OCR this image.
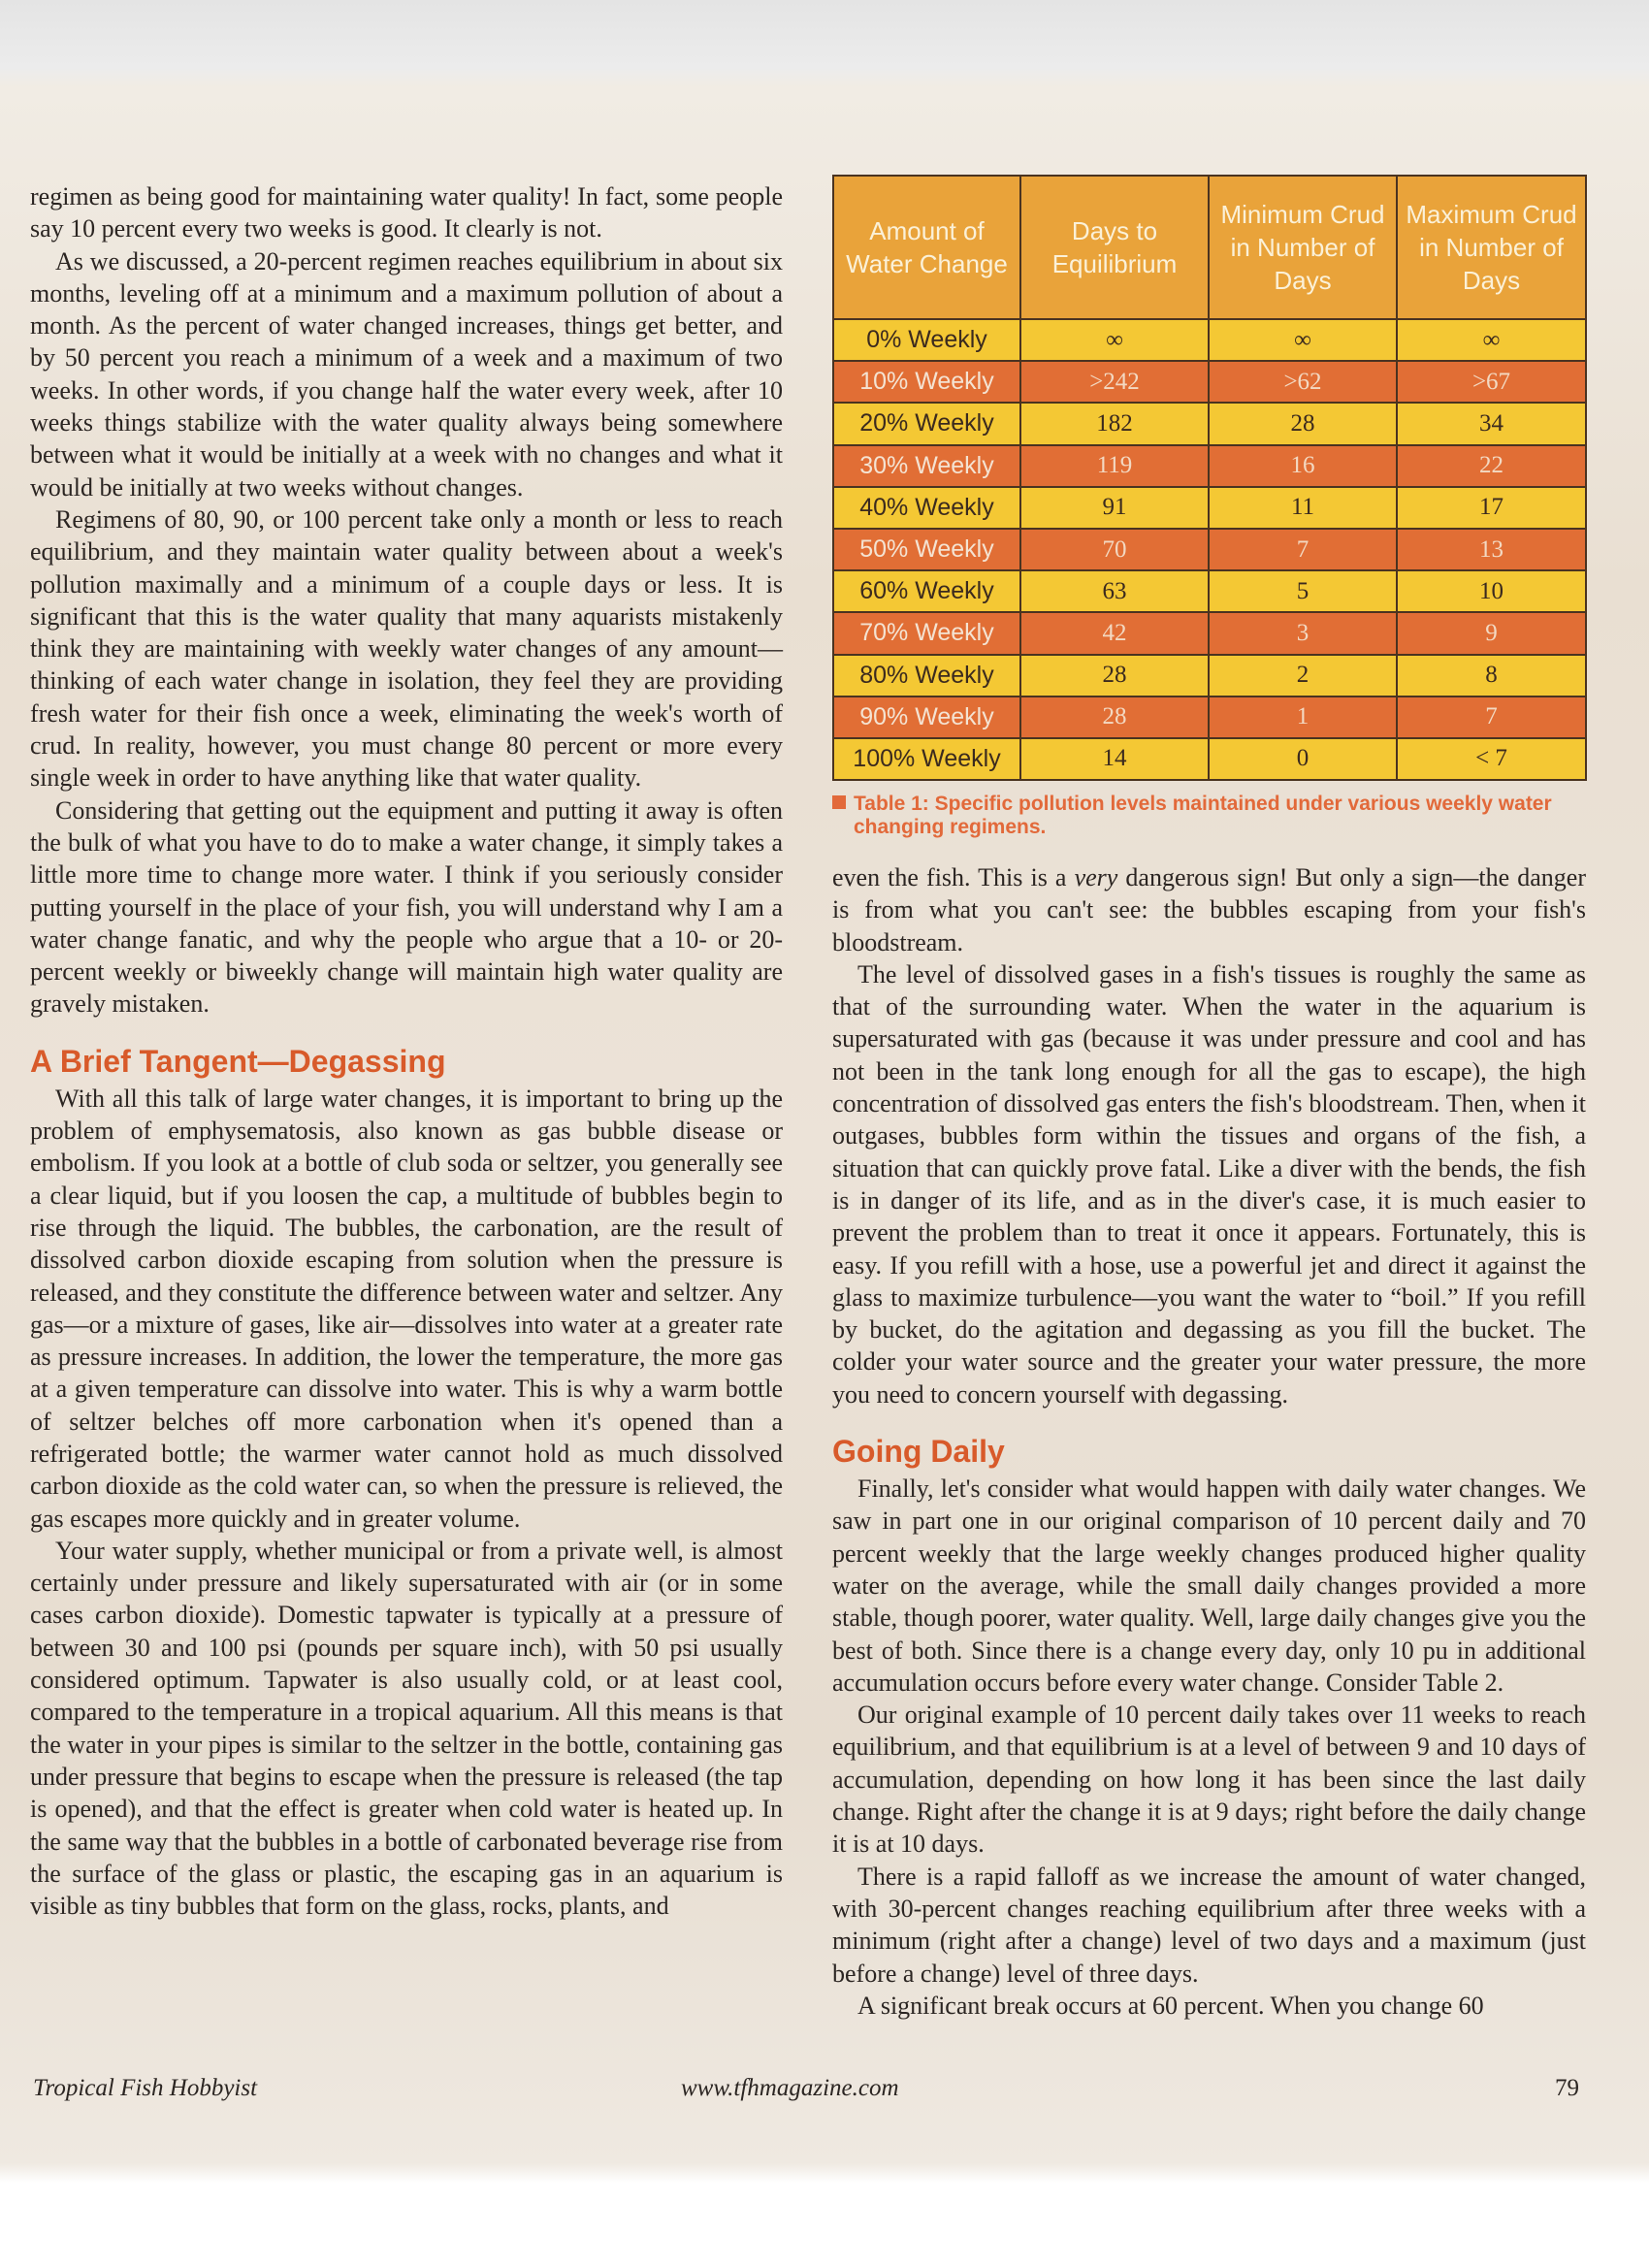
regimen as being good for maintaining water quality! In fact, some people say 10 percent every two weeks is good. It clearly is not.

As we discussed, a 20-percent regimen reaches equilibrium in about six months, leveling off at a minimum and a maximum pollution of about a month. As the percent of water changed increases, things get better, and by 50 percent you reach a minimum of a week and a maximum of two weeks. In other words, if you change half the water every week, after 10 weeks things stabilize with the water quality always being somewhere between what it would be initially at a week with no changes and what it would be initially at two weeks without changes.

Regimens of 80, 90, or 100 percent take only a month or less to reach equilibrium, and they maintain water quality between about a week's pollution maximally and a minimum of a couple days or less. It is significant that this is the water quality that many aquarists mistakenly think they are maintaining with weekly water changes of any amount—thinking of each water change in isolation, they feel they are providing fresh water for their fish once a week, eliminating the week's worth of crud. In reality, however, you must change 80 percent or more every single week in order to have anything like that water quality.

Considering that getting out the equipment and putting it away is often the bulk of what you have to do to make a water change, it simply takes a little more time to change more water. I think if you seriously consider putting yourself in the place of your fish, you will understand why I am a water change fanatic, and why the people who argue that a 10- or 20-percent weekly or biweekly change will maintain high water quality are gravely mistaken.

A Brief Tangent—Degassing

With all this talk of large water changes, it is important to bring up the problem of emphysematosis, also known as gas bubble disease or embolism. If you look at a bottle of club soda or seltzer, you generally see a clear liquid, but if you loosen the cap, a multitude of bubbles begin to rise through the liquid. The bubbles, the carbonation, are the result of dissolved carbon dioxide escaping from solution when the pressure is released, and they constitute the difference between water and seltzer. Any gas—or a mixture of gases, like air—dissolves into water at a greater rate as pressure increases. In addition, the lower the temperature, the more gas at a given temperature can dissolve into water. This is why a warm bottle of seltzer belches off more carbonation when it's opened than a refrigerated bottle; the warmer water cannot hold as much dissolved carbon dioxide as the cold water can, so when the pressure is relieved, the gas escapes more quickly and in greater volume.

Your water supply, whether municipal or from a private well, is almost certainly under pressure and likely supersaturated with air (or in some cases carbon dioxide). Domestic tapwater is typically at a pressure of between 30 and 100 psi (pounds per square inch), with 50 psi usually considered optimum. Tapwater is also usually cold, or at least cool, compared to the temperature in a tropical aquarium. All this means is that the water in your pipes is similar to the seltzer in the bottle, containing gas under pressure that begins to escape when the pressure is released (the tap is opened), and that the effect is greater when cold water is heated up. In the same way that the bubbles in a bottle of carbonated beverage rise from the surface of the glass or plastic, the escaping gas in an aquarium is visible as tiny bubbles that form on the glass, rocks, plants, and

Amount of Water Change	Days to Equilibrium	Minimum Crud in Number of Days	Maximum Crud in Number of Days
0% Weekly	∞	∞	∞
10% Weekly	>242	>62	>67
20% Weekly	182	28	34
30% Weekly	119	16	22
40% Weekly	91	11	17
50% Weekly	70	7	13
60% Weekly	63	5	10
70% Weekly	42	3	9
80% Weekly	28	2	8
90% Weekly	28	1	7
100% Weekly	14	0	< 7
Table 1: Specific pollution levels maintained under various weekly water
changing regimens.

even the fish. This is a very dangerous sign! But only a sign—the danger is from what you can't see: the bubbles escaping from your fish's bloodstream.

The level of dissolved gases in a fish's tissues is roughly the same as that of the surrounding water. When the water in the aquarium is supersaturated with gas (because it was under pressure and cool and has not been in the tank long enough for all the gas to escape), the high concentration of dissolved gas enters the fish's bloodstream. Then, when it outgases, bubbles form within the tissues and organs of the fish, a situation that can quickly prove fatal. Like a diver with the bends, the fish is in danger of its life, and as in the diver's case, it is much easier to prevent the problem than to treat it once it appears. Fortunately, this is easy. If you refill with a hose, use a powerful jet and direct it against the glass to maximize turbulence—you want the water to “boil.” If you refill by bucket, do the agitation and degassing as you fill the bucket. The colder your water source and the greater your water pressure, the more you need to concern yourself with degassing.

Going Daily

Finally, let's consider what would happen with daily water changes. We saw in part one in our original comparison of 10 percent daily and 70 percent weekly that the large weekly changes produced higher quality water on the average, while the small daily changes provided a more stable, though poorer, water quality. Well, large daily changes give you the best of both. Since there is a change every day, only 10 pu in additional accumulation occurs before every water change. Consider Table 2.

Our original example of 10 percent daily takes over 11 weeks to reach equilibrium, and that equilibrium is at a level of between 9 and 10 days of accumulation, depending on how long it has been since the last daily change. Right after the change it is at 9 days; right before the daily change it is at 10 days.

There is a rapid falloff as we increase the amount of water changed, with 30-percent changes reaching equilibrium after three weeks with a minimum (right after a change) level of two days and a maximum (just before a change) level of three days.

A significant break occurs at 60 percent. When you change 60

Tropical Fish Hobbyist	www.tfhmagazine.com	79
